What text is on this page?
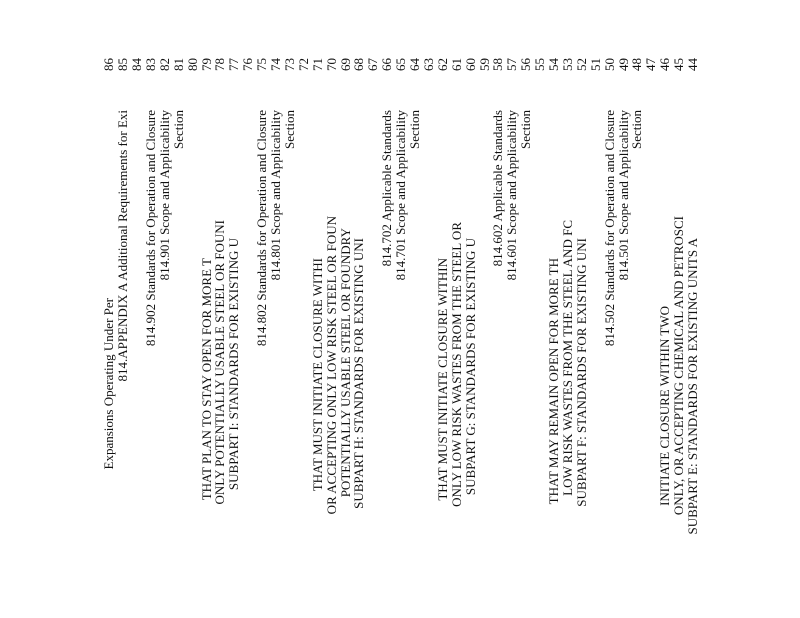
44
SUBPART E: STANDARDS FOR EXISTING UNITS A
45
ONLY, OR ACCEPTING CHEMICAL AND PETROSCI
46
INITIATE CLOSURE WITHIN TWO
47
48
Section
49
814.501 Scope and Applicability
50
814.502 Standards for Operation and Closure
51
52
SUBPART F: STANDARDS FOR EXISTING UNI
53
LOW RISK WASTES FROM THE STEEL AND FC
54
THAT MAY REMAIN OPEN FOR MORE TH
55
56
Section
57
814.601 Scope and Applicability
58
814.602 Applicable Standards
59
60
SUBPART G: STANDARDS FOR EXISTING U
61
ONLY LOW RISK WASTES FROM THE STEEL OR
62
THAT MUST INITIATE CLOSURE WITHIN
63
64
Section
65
814.701 Scope and Applicability
66
814.702 Applicable Standards
67
68
SUBPART H: STANDARDS FOR EXISTING UNI
69
POTENTIALLY USABLE STEEL OR FOUNDRY
70
OR ACCEPTING ONLY LOW RISK STEEL OR FOUN
71
THAT MUST INITIATE CLOSURE WITHI
72
73
Section
74
814.801 Scope and Applicability
75
814.802 Standards for Operation and Closure
76
77
SUBPART I: STANDARDS FOR EXISTING U
78
ONLY POTENTIALLY USABLE STEEL OR FOUNI
79
THAT PLAN TO STAY OPEN FOR MORE T
80
81
Section
82
814.901 Scope and Applicability
83
814.902 Standards for Operation and Closure
84
85
814.APPENDIX A Additional Requirements for Exi
86
Expansions Operating Under Per
